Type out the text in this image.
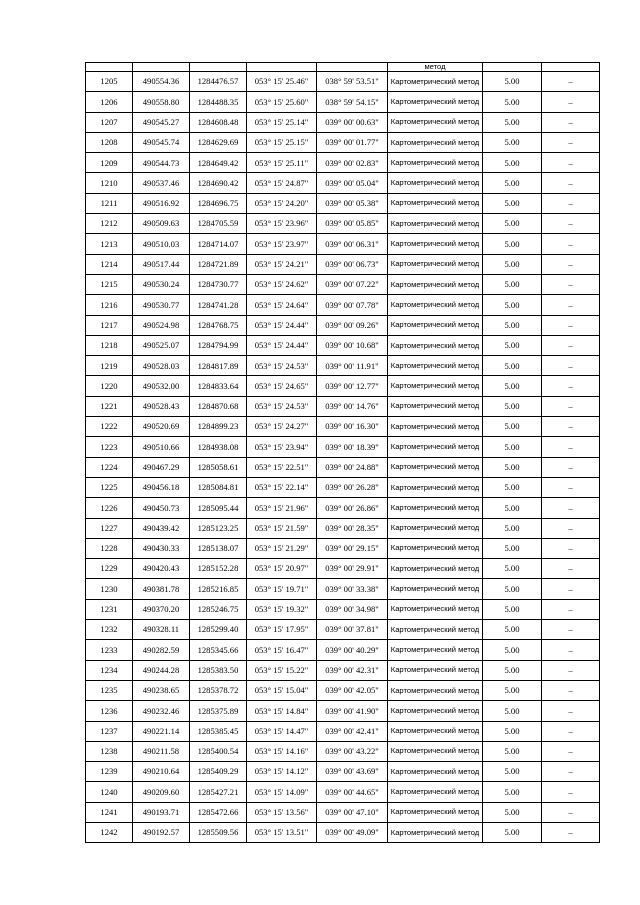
					метод		
1205	490554.36	1284476.57	053° 15' 25.46"	038° 59' 53.51"	Картометрический метод	5.00	–
1206	490558.80	1284488.35	053° 15' 25.60"	038° 59' 54.15"	Картометрический метод	5.00	–
1207	490545.27	1284608.48	053° 15' 25.14"	039° 00' 00.63"	Картометрический метод	5.00	–
1208	490545.74	1284629.69	053° 15' 25.15"	039° 00' 01.77"	Картометрический метод	5.00	–
1209	490544.73	1284649.42	053° 15' 25.11"	039° 00' 02.83"	Картометрический метод	5.00	–
1210	490537.46	1284690.42	053° 15' 24.87"	039° 00' 05.04"	Картометрический метод	5.00	–
1211	490516.92	1284696.75	053° 15' 24.20"	039° 00' 05.38"	Картометрический метод	5.00	–
1212	490509.63	1284705.59	053° 15' 23.96"	039° 00' 05.85"	Картометрический метод	5.00	–
1213	490510.03	1284714.07	053° 15' 23.97"	039° 00' 06.31"	Картометрический метод	5.00	–
1214	490517.44	1284721.89	053° 15' 24.21"	039° 00' 06.73"	Картометрический метод	5.00	–
1215	490530.24	1284730.77	053° 15' 24.62"	039° 00' 07.22"	Картометрический метод	5.00	–
1216	490530.77	1284741.28	053° 15' 24.64"	039° 00' 07.78"	Картометрический метод	5.00	–
1217	490524.98	1284768.75	053° 15' 24.44"	039° 00' 09.26"	Картометрический метод	5.00	–
1218	490525.07	1284794.99	053° 15' 24.44"	039° 00' 10.68"	Картометрический метод	5.00	–
1219	490528.03	1284817.89	053° 15' 24.53"	039° 00' 11.91"	Картометрический метод	5.00	–
1220	490532.00	1284833.64	053° 15' 24.65"	039° 00' 12.77"	Картометрический метод	5.00	–
1221	490528.43	1284870.68	053° 15' 24.53"	039° 00' 14.76"	Картометрический метод	5.00	–
1222	490520.69	1284899.23	053° 15' 24.27"	039° 00' 16.30"	Картометрический метод	5.00	–
1223	490510.66	1284938.08	053° 15' 23.94"	039° 00' 18.39"	Картометрический метод	5.00	–
1224	490467.29	1285058.61	053° 15' 22.51"	039° 00' 24.88"	Картометрический метод	5.00	–
1225	490456.18	1285084.81	053° 15' 22.14"	039° 00' 26.28"	Картометрический метод	5.00	–
1226	490450.73	1285095.44	053° 15' 21.96"	039° 00' 26.86"	Картометрический метод	5.00	–
1227	490439.42	1285123.25	053° 15' 21.59"	039° 00' 28.35"	Картометрический метод	5.00	–
1228	490430.33	1285138.07	053° 15' 21.29"	039° 00' 29.15"	Картометрический метод	5.00	–
1229	490420.43	1285152.28	053° 15' 20.97"	039° 00' 29.91"	Картометрический метод	5.00	–
1230	490381.78	1285216.85	053° 15' 19.71"	039° 00' 33.38"	Картометрический метод	5.00	–
1231	490370.20	1285246.75	053° 15' 19.32"	039° 00' 34.98"	Картометрический метод	5.00	–
1232	490328.11	1285299.40	053° 15' 17.95"	039° 00' 37.81"	Картометрический метод	5.00	–
1233	490282.59	1285345.66	053° 15' 16.47"	039° 00' 40.29"	Картометрический метод	5.00	–
1234	490244.28	1285383.50	053° 15' 15.22"	039° 00' 42.31"	Картометрический метод	5.00	–
1235	490238.65	1285378.72	053° 15' 15.04"	039° 00' 42.05"	Картометрический метод	5.00	–
1236	490232.46	1285375.89	053° 15' 14.84"	039° 00' 41.90"	Картометрический метод	5.00	–
1237	490221.14	1285385.45	053° 15' 14.47"	039° 00' 42.41"	Картометрический метод	5.00	–
1238	490211.58	1285400.54	053° 15' 14.16"	039° 00' 43.22"	Картометрический метод	5.00	–
1239	490210.64	1285409.29	053° 15' 14.12"	039° 00' 43.69"	Картометрический метод	5.00	–
1240	490209.60	1285427.21	053° 15' 14.09"	039° 00' 44.65"	Картометрический метод	5.00	–
1241	490193.71	1285472.66	053° 15' 13.56"	039° 00' 47.10"	Картометрический метод	5.00	–
1242	490192.57	1285509.56	053° 15' 13.51"	039° 00' 49.09"	Картометрический метод	5.00	–
